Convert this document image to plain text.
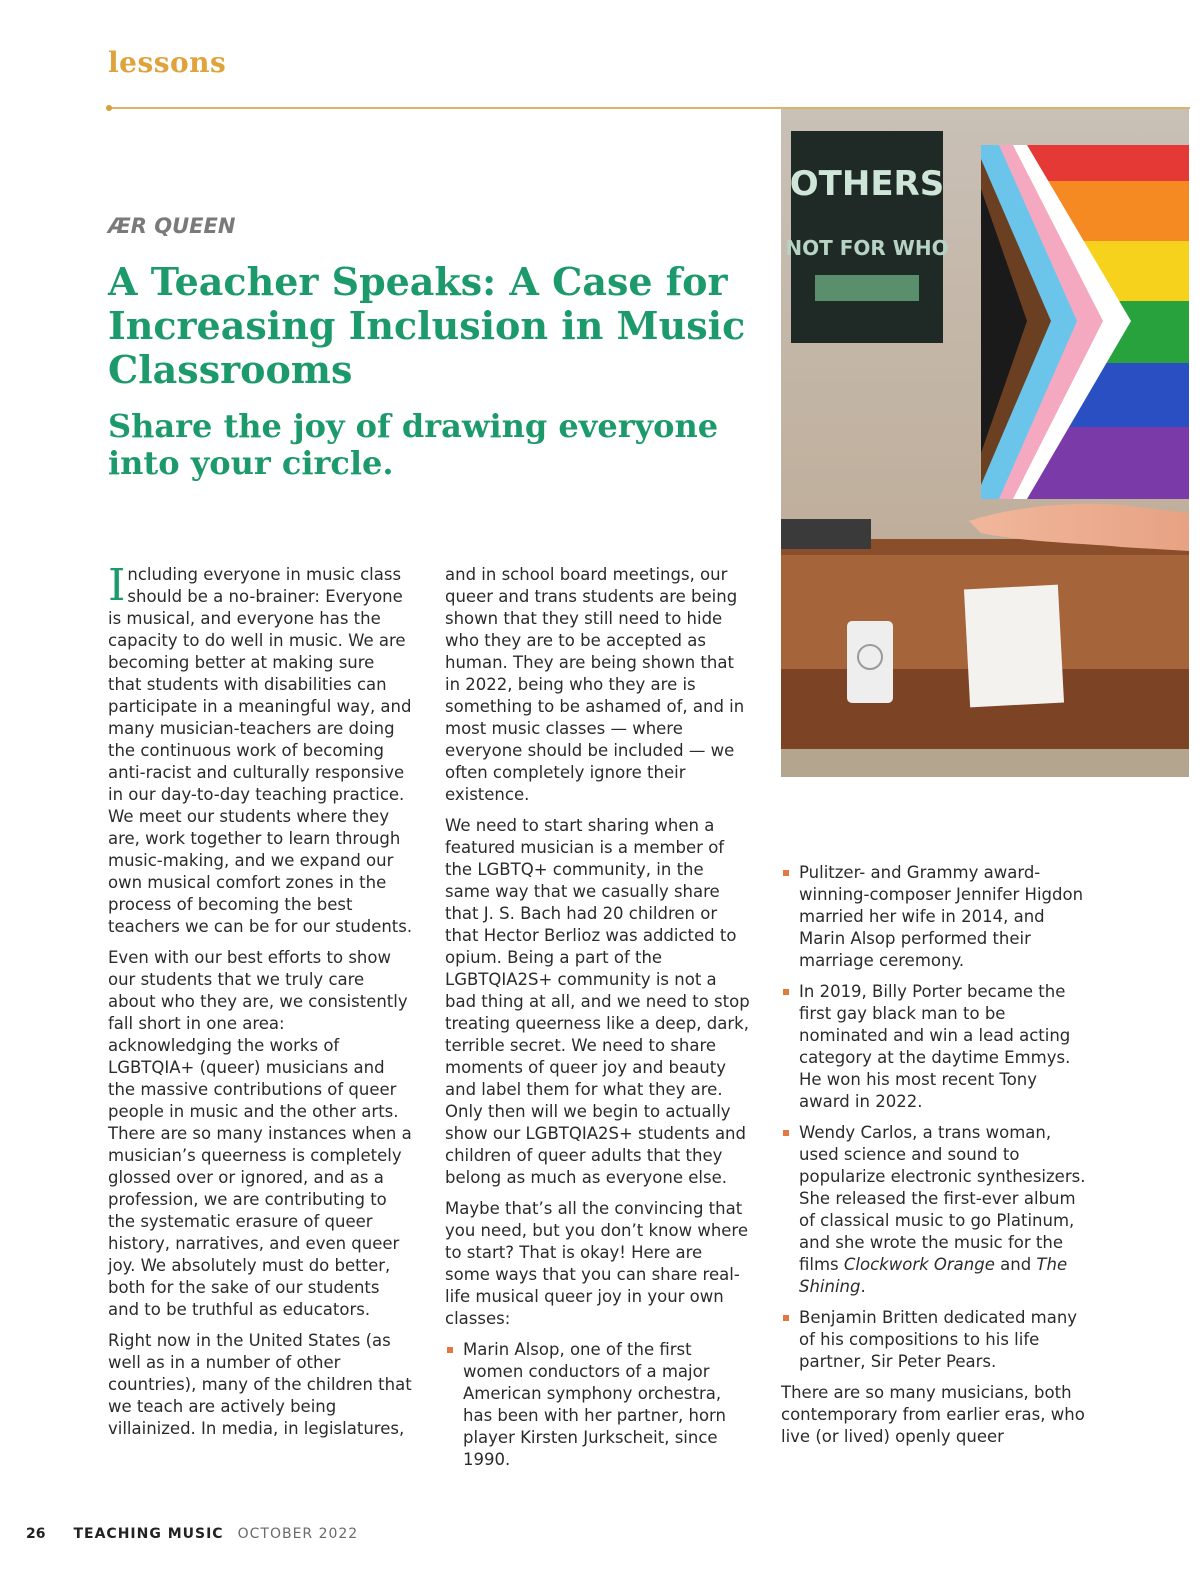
lessons
ÆR QUEEN
A Teacher Speaks: A Case for Increasing Inclusion in Music Classrooms
Share the joy of drawing everyone into your circle.
OTHERS
NOT FOR WHO

Including everyone in music class should be a no-brainer: Everyone is musical, and everyone has the capacity to do well in music. We are becoming better at making sure that students with disabilities can participate in a meaningful way, and many musician-teachers are doing the continuous work of becoming anti-racist and culturally responsive in our day-to-day teaching practice. We meet our students where they are, work together to learn through music-making, and we expand our own musical comfort zones in the process of becoming the best teachers we can be for our students.

Even with our best efforts to show our students that we truly care about who they are, we consistently fall short in one area: acknowledging the works of LGBTQIA+ (queer) musicians and the massive contributions of queer people in music and the other arts. There are so many instances when a musician’s queerness is completely glossed over or ignored, and as a profession, we are contributing to the systematic erasure of queer history, narratives, and even queer joy. We absolutely must do better, both for the sake of our students and to be truthful as educators.

Right now in the United States (as well as in a number of other countries), many of the children that we teach are actively being villainized. In media, in legislatures,

and in school board meetings, our queer and trans students are being shown that they still need to hide who they are to be accepted as human. They are being shown that in 2022, being who they are is something to be ashamed of, and in most music classes — where everyone should be included — we often completely ignore their existence.

We need to start sharing when a featured musician is a member of the LGBTQ+ community, in the same way that we casually share that J. S. Bach had 20 children or that Hector Berlioz was addicted to opium. Being a part of the LGBTQIA2S+ community is not a bad thing at all, and we need to stop treating queerness like a deep, dark, terrible secret. We need to share moments of queer joy and beauty and label them for what they are. Only then will we begin to actually show our LGBTQIA2S+ students and children of queer adults that they belong as much as everyone else.

Maybe that’s all the convincing that you need, but you don’t know where to start? That is okay! Here are some ways that you can share real-life musical queer joy in your own classes:

Marin Alsop, one of the first women conductors of a major American symphony orchestra, has been with her partner, horn player Kirsten Jurkscheit, since 1990.
Pulitzer- and Grammy award-winning-composer Jennifer Higdon married her wife in 2014, and Marin Alsop performed their marriage ceremony.
In 2019, Billy Porter became the first gay black man to be nominated and win a lead acting category at the daytime Emmys. He won his most recent Tony award in 2022.
Wendy Carlos, a trans woman, used science and sound to popularize electronic synthesizers. She released the first-ever album of classical music to go Platinum, and she wrote the music for the films Clockwork Orange and The Shining.
Benjamin Britten dedicated many of his compositions to his life partner, Sir Peter Pears.

There are so many musicians, both contemporary from earlier eras, who live (or lived) openly queer

26 TEACHING MUSIC OCTOBER 2022
